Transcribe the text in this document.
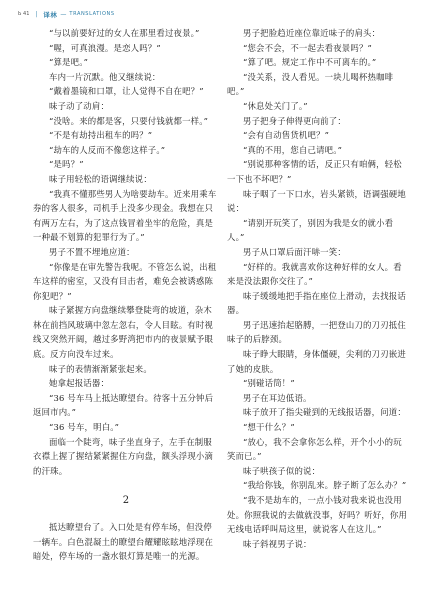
Ь 41 | 译林 — TRANSLATIONS

“与以前要好过的女人在那里看过夜景。”

“喔，可真浪漫。是恋人吗？”

“算是吧。”

车内一片沉默。他又继续说：

“戴着墨镜和口罩，让人觉得不自在吧？”

味子动了动肩：

“没啥。来的都是客，只要付钱就都一样。”

“不是有劫持出租车的吗？”

“劫车的人反而不像您这样子。”

“是吗？”

味子用轻松的语调继续说：

“我真不懂那些男人为啥要劫车。近来用乘车券的客人很多，司机手上没多少现金。我想在只有两万左右，为了这点钱冒着坐牢的危险，真是一种最不划算的犯罪行为了。”

男子不置不埋地应道：

“你像是在审先警告我呢。不管怎么说，出租车这样的密室，又没有目击者，难免会被诱惑陈你犯吧？”

味子紧握方向盘继续攀登陡弯的坡道，杂木林在前挡风玻璃中忽左忽右，令人目眩。有时视线又突然开阔，越过多野湾把市内的夜景赋予眼底。反方向没车过来。

味子的表情渐渐紧张起来。

她拿起报话器：

“36 号车马上抵达瞭望台。待客十五分钟后返回市内。”

“36 号车，明白。”

面临一个陡弯，味子坐直身子，左手在制服衣襟上握了握结紧紧握住方向盘，额头浮现小滴的汗珠。

2

抵达瞭望台了。入口处是有停车场，但没停一辆车。白色混凝土的瞭望台耀耀眩眩地浮现在暗处，停车场的一盏水银灯算是唯一的光源。

男子把脸趋近座位靠近味子的肩头：

“您会不会，不一起去看夜景吗？”

“算了吧。规定工作中不可离车的。”

“没关系，没人看见。一块儿喝杯热咖啡吧。”

“休息处关门了。”

男子把身子伸得更向前了：

“会有自动售货机吧？”

“真的不用，您自己请吧。”

“别说那种客情的话，反正只有咱俩，轻松一下也不坏吧？”

味子咽了一下口水，岩头紧锁，语调强硬地说：

“请别开玩笑了，别因为我是女的就小看人。”

男子从口罩后面汗哧一笑：

“好样的。我就喜欢你这种好样的女人。看来是没法跟你交往了。”

味子缓缓地把手指在座位上滑动，去找报话器。

男子迅速抬起胳膊，一把登山刀的刀刃抵住味子的后脖颈。

味子睁大眼睛，身体僵硬，尖利的刀刃嵌进了她的皮肤。

“别碰话筒！”

男子在耳边低语。

味子放开了指尖碰到的无线报话器，问道：

“想干什么？”

“放心，我不会拿你怎么样，开个小小的玩笑而已。”

味子哄孩子似的说：

“我给你钱，你别乱来。脖子断了怎么办？”

“我不是劫车的，一点小钱对我来说也没用处。你照我说的去做就没事，好吗？听好，你用无线电话呼叫局这里，就说客人在这儿。”

味子斜视男子说：
